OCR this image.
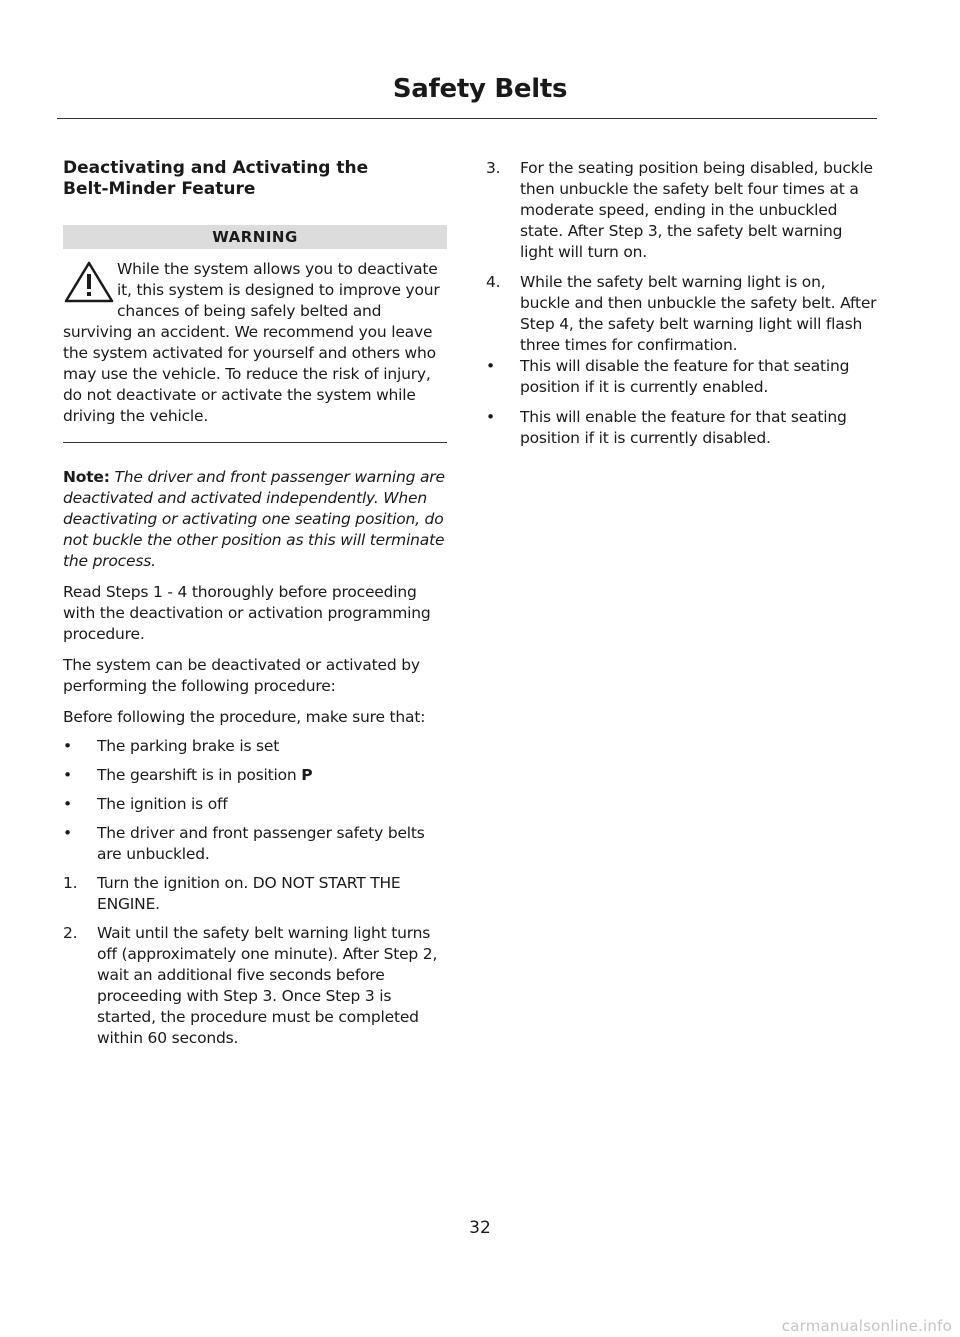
Safety Belts
Deactivating and Activating the Belt-Minder Feature
WARNING
While the system allows you to deactivate it, this system is designed to improve your chances of being safely belted and surviving an accident. We recommend you leave the system activated for yourself and others who may use the vehicle. To reduce the risk of injury, do not deactivate or activate the system while driving the vehicle.
Note: The driver and front passenger warning are deactivated and activated independently. When deactivating or activating one seating position, do not buckle the other position as this will terminate the process.

Read Steps 1 - 4 thoroughly before proceeding with the deactivation or activation programming procedure.

The system can be deactivated or activated by performing the following procedure:

Before following the procedure, make sure that:

•	The parking brake is set
•	The gearshift is in position P
•	The ignition is off
•	The driver and front passenger safety belts are unbuckled.
1.	Turn the ignition on. DO NOT START THE ENGINE.
2.	Wait until the safety belt warning light turns off (approximately one minute). After Step 2, wait an additional five seconds before proceeding with Step 3. Once Step 3 is started, the procedure must be completed within 60 seconds.
3.	For the seating position being disabled, buckle then unbuckle the safety belt four times at a moderate speed, ending in the unbuckled state. After Step 3, the safety belt warning light will turn on.
4.	While the safety belt warning light is on, buckle and then unbuckle the safety belt. After Step 4, the safety belt warning light will flash three times for confirmation.
•	This will disable the feature for that seating position if it is currently enabled.
•	This will enable the feature for that seating position if it is currently disabled.
32
carmanualsonline.info
